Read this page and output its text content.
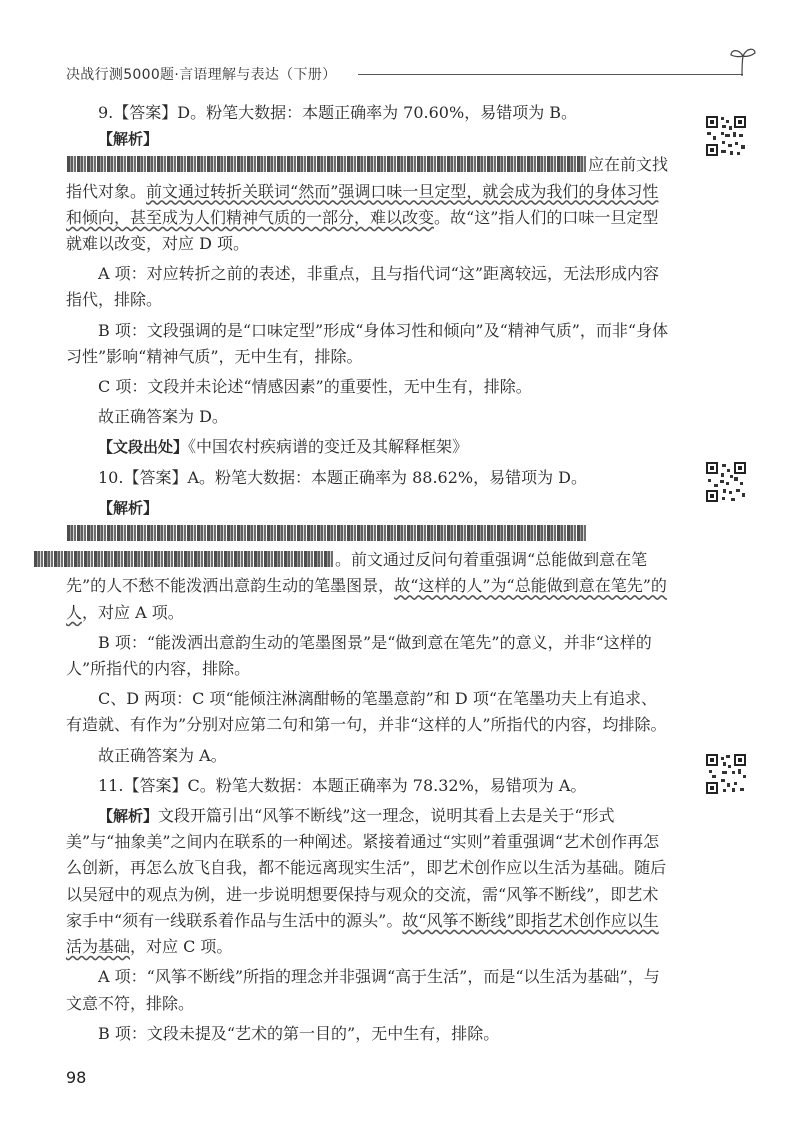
决战行测5000题·言语理解与表达（下册）

9.【答案】D。粉笔大数据：本题正确率为 70.60%，易错项为 B。

【解析】应在前文找指代对象。前文通过转折关联词“然而”强调口味一旦定型，就会成为我们的身体习性和倾向，甚至成为人们精神气质的一部分，难以改变。故“这”指人们的口味一旦定型就难以改变，对应 D 项。

A 项：对应转折之前的表述，非重点，且与指代词“这”距离较远，无法形成内容指代，排除。

B 项：文段强调的是“口味定型”形成“身体习性和倾向”及“精神气质”，而非“身体习性”影响“精神气质”，无中生有，排除。

C 项：文段并未论述“情感因素”的重要性，无中生有，排除。

故正确答案为 D。

【文段出处】《中国农村疾病谱的变迁及其解释框架》

10.【答案】A。粉笔大数据：本题正确率为 88.62%，易错项为 D。

【解析】。前文通过反问句着重强调“总能做到意在笔先”的人不愁不能泼洒出意韵生动的笔墨图景，故“这样的人”为“总能做到意在笔先”的人，对应 A 项。

B 项：“能泼洒出意韵生动的笔墨图景”是“做到意在笔先”的意义，并非“这样的人”所指代的内容，排除。

C、D 两项：C 项“能倾注淋漓酣畅的笔墨意韵”和 D 项“在笔墨功夫上有追求、有造就、有作为”分别对应第二句和第一句，并非“这样的人”所指代的内容，均排除。

故正确答案为 A。

11.【答案】C。粉笔大数据：本题正确率为 78.32%，易错项为 A。

【解析】文段开篇引出“风筝不断线”这一理念，说明其看上去是关于“形式美”与“抽象美”之间内在联系的一种阐述。紧接着通过“实则”着重强调“艺术创作再怎么创新，再怎么放飞自我，都不能远离现实生活”，即艺术创作应以生活为基础。随后以吴冠中的观点为例，进一步说明想要保持与观众的交流，需“风筝不断线”，即艺术家手中“须有一线联系着作品与生活中的源头”。故“风筝不断线”即指艺术创作应以生活为基础，对应 C 项。

A 项：“风筝不断线”所指的理念并非强调“高于生活”，而是“以生活为基础”，与文意不符，排除。

B 项：文段未提及“艺术的第一目的”，无中生有，排除。

98
